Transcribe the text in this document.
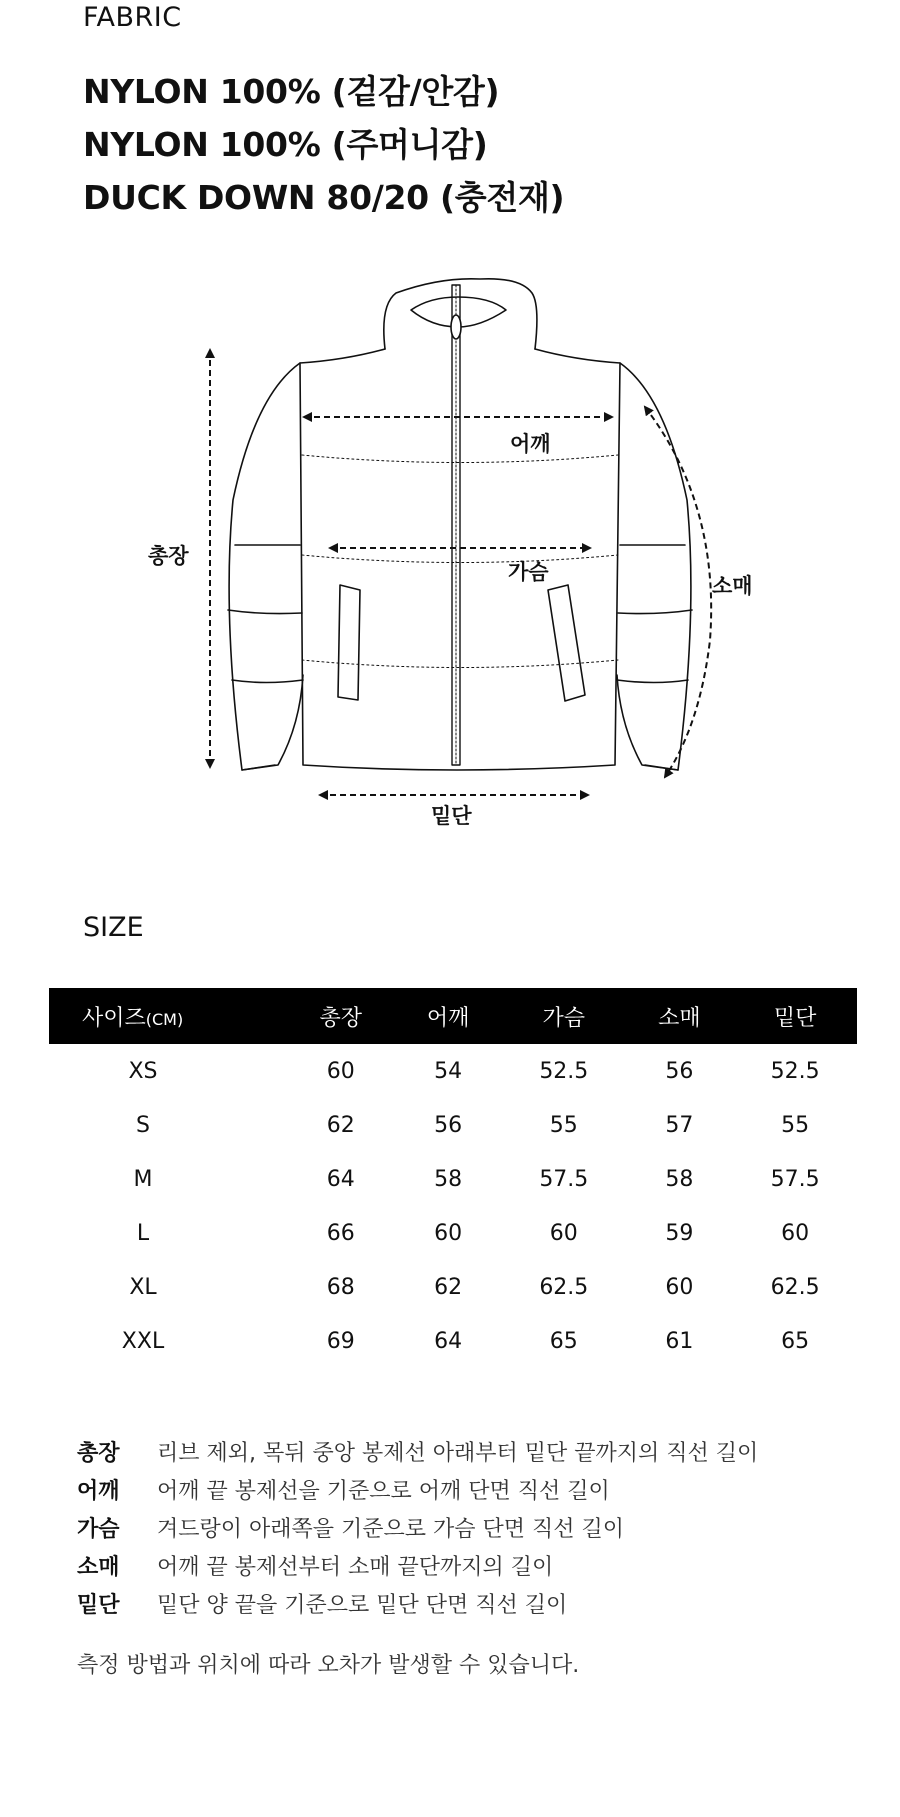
FABRIC
NYLON 100% (겉감/안감)
NYLON 100% (주머니감)
DUCK DOWN 80/20 (충전재)
총장
어깨
가슴
소매
밑단
SIZE
사이즈(CM)	총장	어깨	가슴	소매	밑단
XS	60	54	52.5	56	52.5
S	62	56	55	57	55
M	64	58	57.5	58	57.5
L	66	60	60	59	60
XL	68	62	62.5	60	62.5
XXL	69	64	65	61	65
총장	리브 제외, 목뒤 중앙 봉제선 아래부터 밑단 끝까지의 직선 길이
어깨	어깨 끝 봉제선을 기준으로 어깨 단면 직선 길이
가슴	겨드랑이 아래쪽을 기준으로 가슴 단면 직선 길이
소매	어깨 끝 봉제선부터 소매 끝단까지의 길이
밑단	밑단 양 끝을 기준으로 밑단 단면 직선 길이
측정 방법과 위치에 따라 오차가 발생할 수 있습니다.
